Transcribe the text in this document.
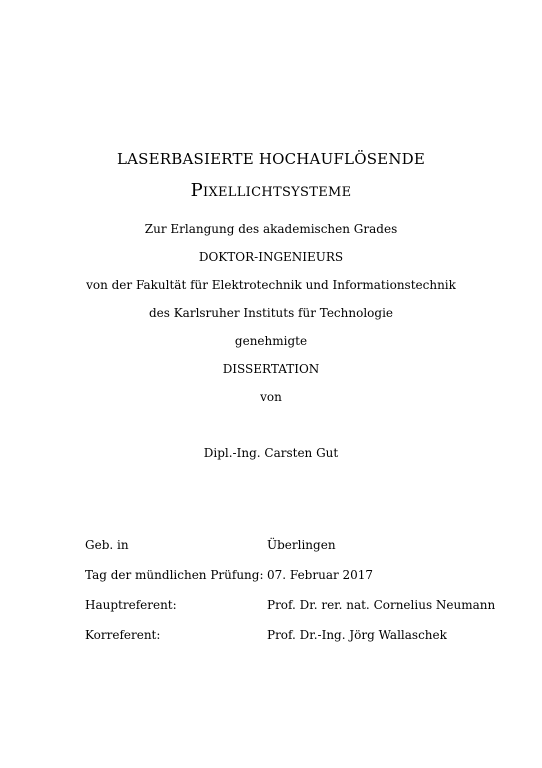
LASERBASIERTE HOCHAUFLÖSENDE
Pixellichtsysteme
Zur Erlangung des akademischen Grades
DOKTOR-INGENIEURS
von der Fakultät für Elektrotechnik und Informationstechnik
des Karlsruher Instituts für Technologie
genehmigte
DISSERTATION
von
Dipl.-Ing. Carsten Gut
Geb. in	Überlingen
Tag der mündlichen Prüfung: 07. Februar 2017
Hauptreferent:	Prof. Dr. rer. nat. Cornelius Neumann
Korreferent:	Prof. Dr.-Ing. Jörg Wallaschek
